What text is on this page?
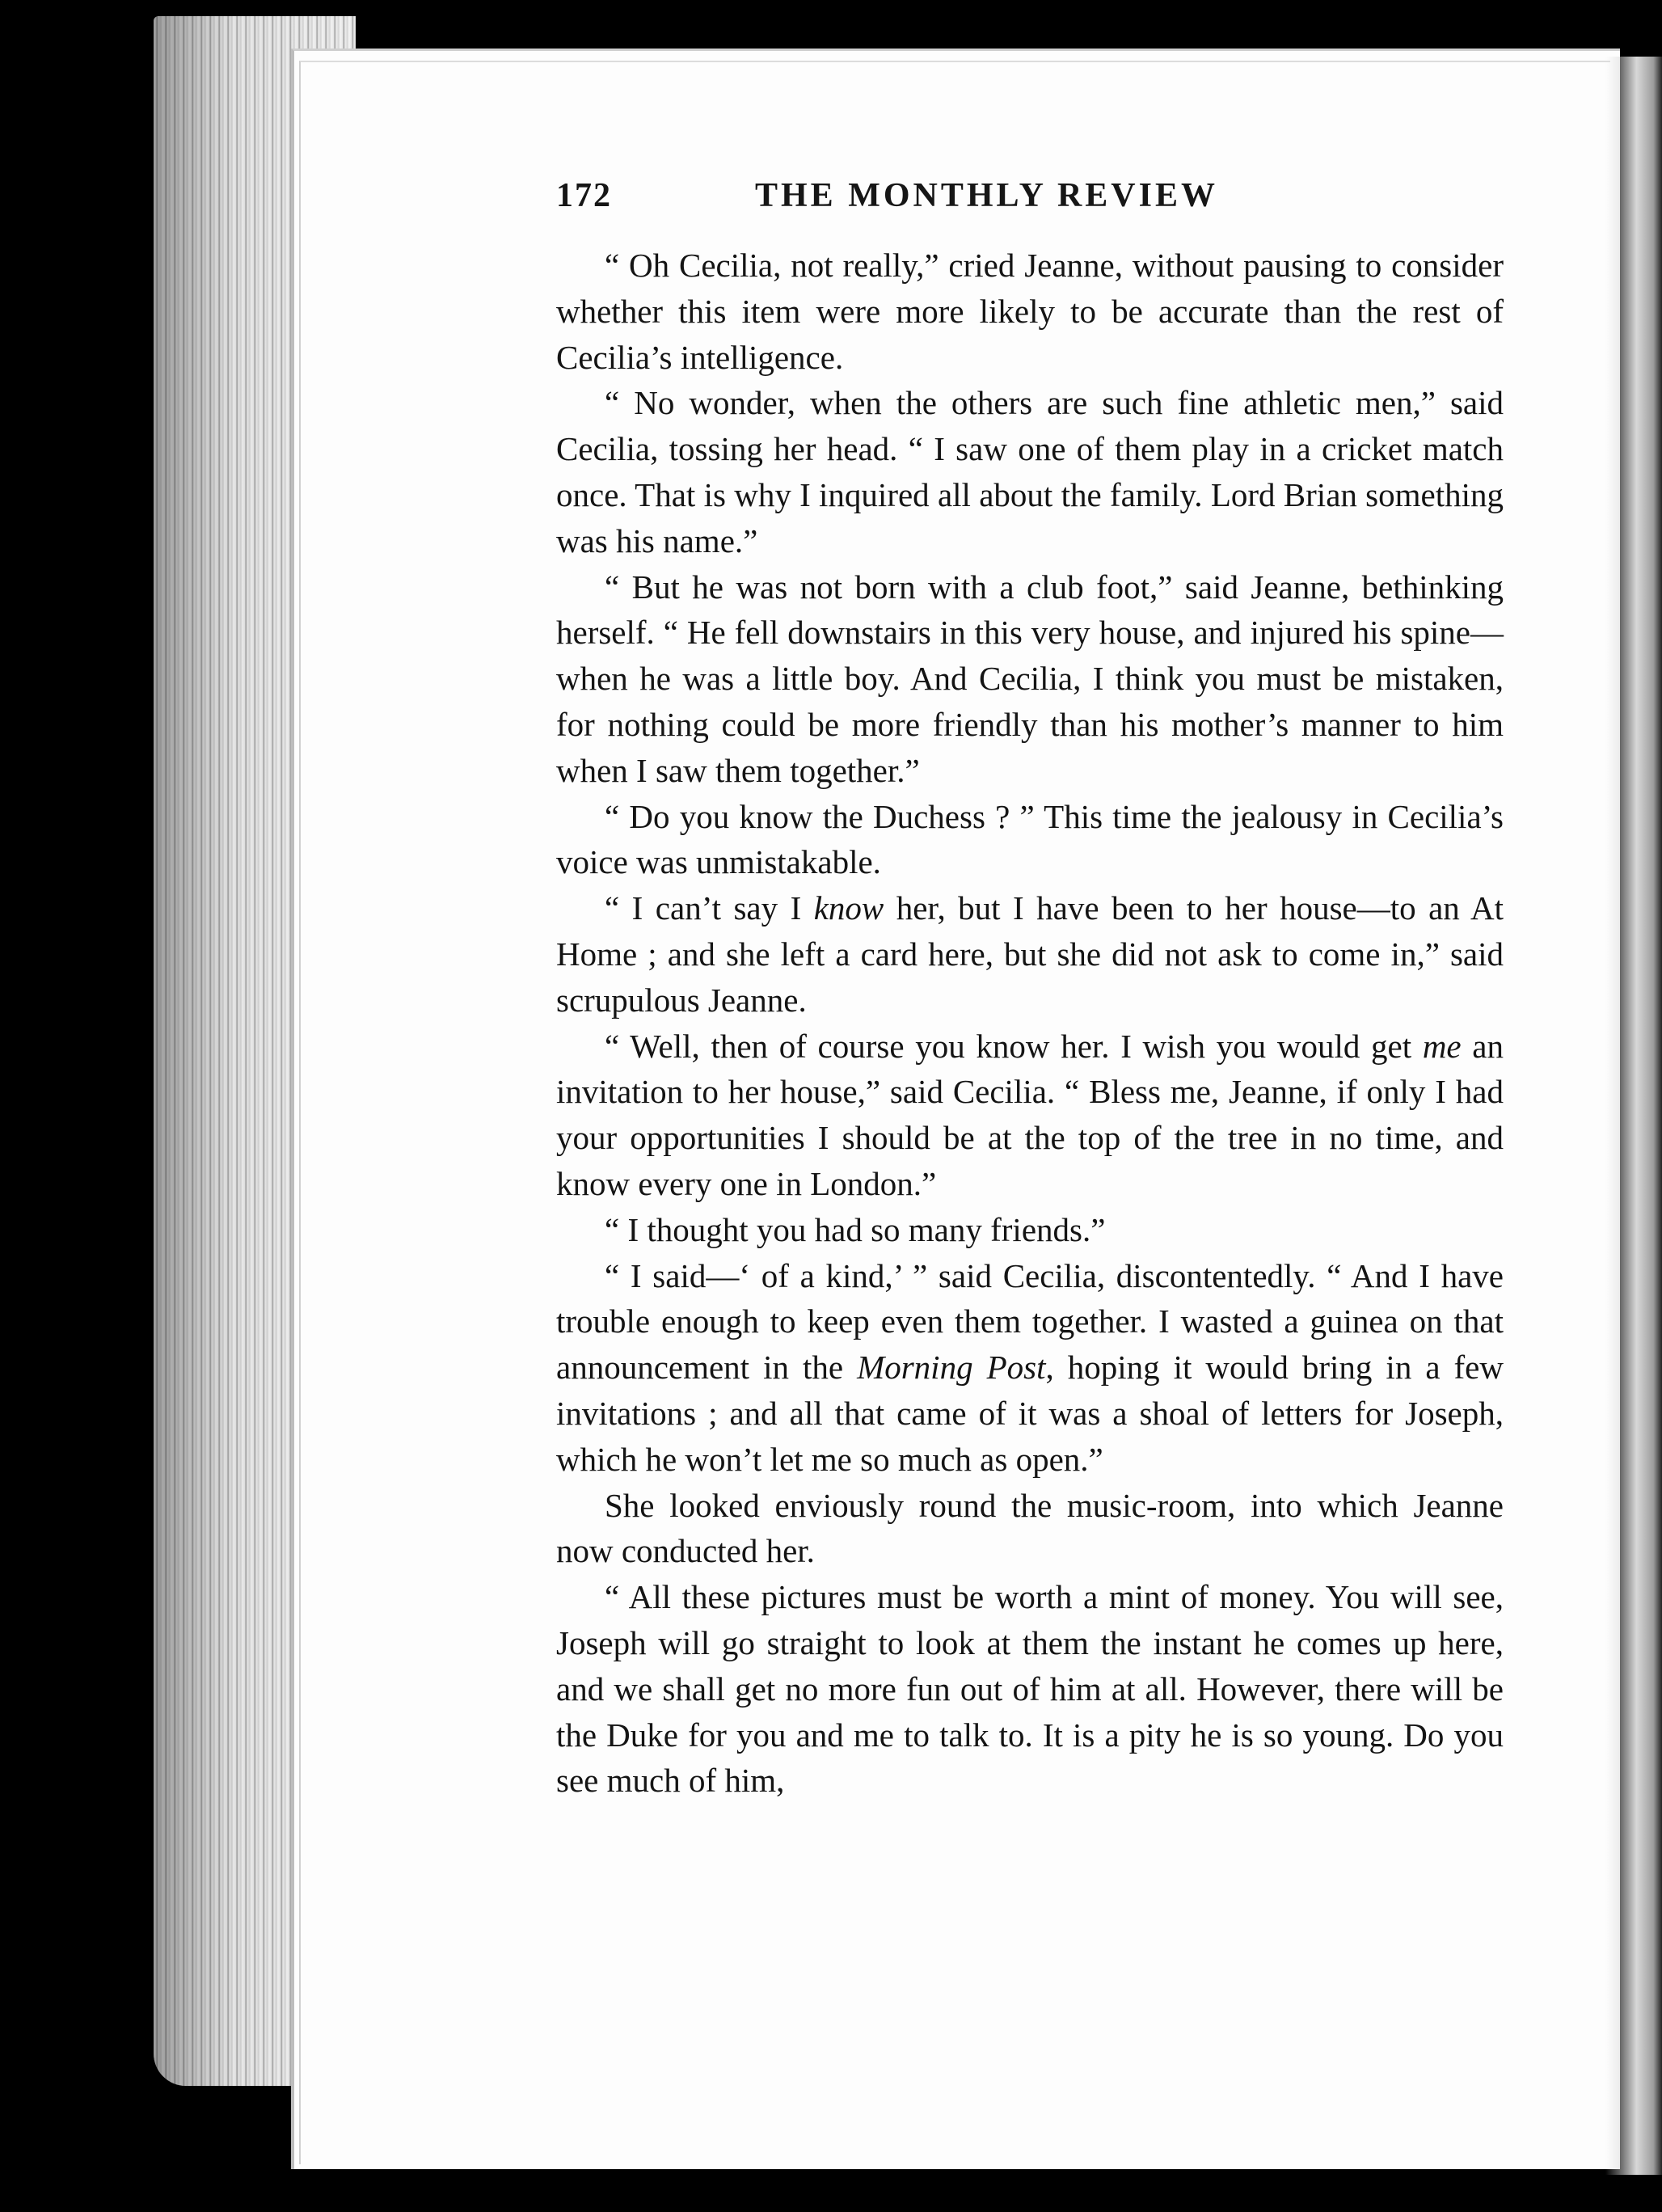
172	THE MONTHLY REVIEW

“ Oh Cecilia, not really,” cried Jeanne, without pausing to consider whether this item were more likely to be accurate than the rest of Cecilia’s intelligence.

“ No wonder, when the others are such fine athletic men,” said Cecilia, tossing her head. “ I saw one of them play in a cricket match once. That is why I inquired all about the family. Lord Brian something was his name.”

“ But he was not born with a club foot,” said Jeanne, bethinking herself. “ He fell downstairs in this very house, and injured his spine—when he was a little boy. And Cecilia, I think you must be mistaken, for nothing could be more friendly than his mother’s manner to him when I saw them together.”

“ Do you know the Duchess ? ” This time the jealousy in Cecilia’s voice was unmistakable.

“ I can’t say I know her, but I have been to her house—to an At Home ; and she left a card here, but she did not ask to come in,” said scrupulous Jeanne.

“ Well, then of course you know her. I wish you would get me an invitation to her house,” said Cecilia. “ Bless me, Jeanne, if only I had your opportunities I should be at the top of the tree in no time, and know every one in London.”

“ I thought you had so many friends.”

“ I said—‘ of a kind,’ ” said Cecilia, discontentedly. “ And I have trouble enough to keep even them together. I wasted a guinea on that announcement in the Morning Post, hoping it would bring in a few invitations ; and all that came of it was a shoal of letters for Joseph, which he won’t let me so much as open.”

She looked enviously round the music-room, into which Jeanne now conducted her.

“ All these pictures must be worth a mint of money. You will see, Joseph will go straight to look at them the instant he comes up here, and we shall get no more fun out of him at all. However, there will be the Duke for you and me to talk to. It is a pity he is so young. Do you see much of him,
